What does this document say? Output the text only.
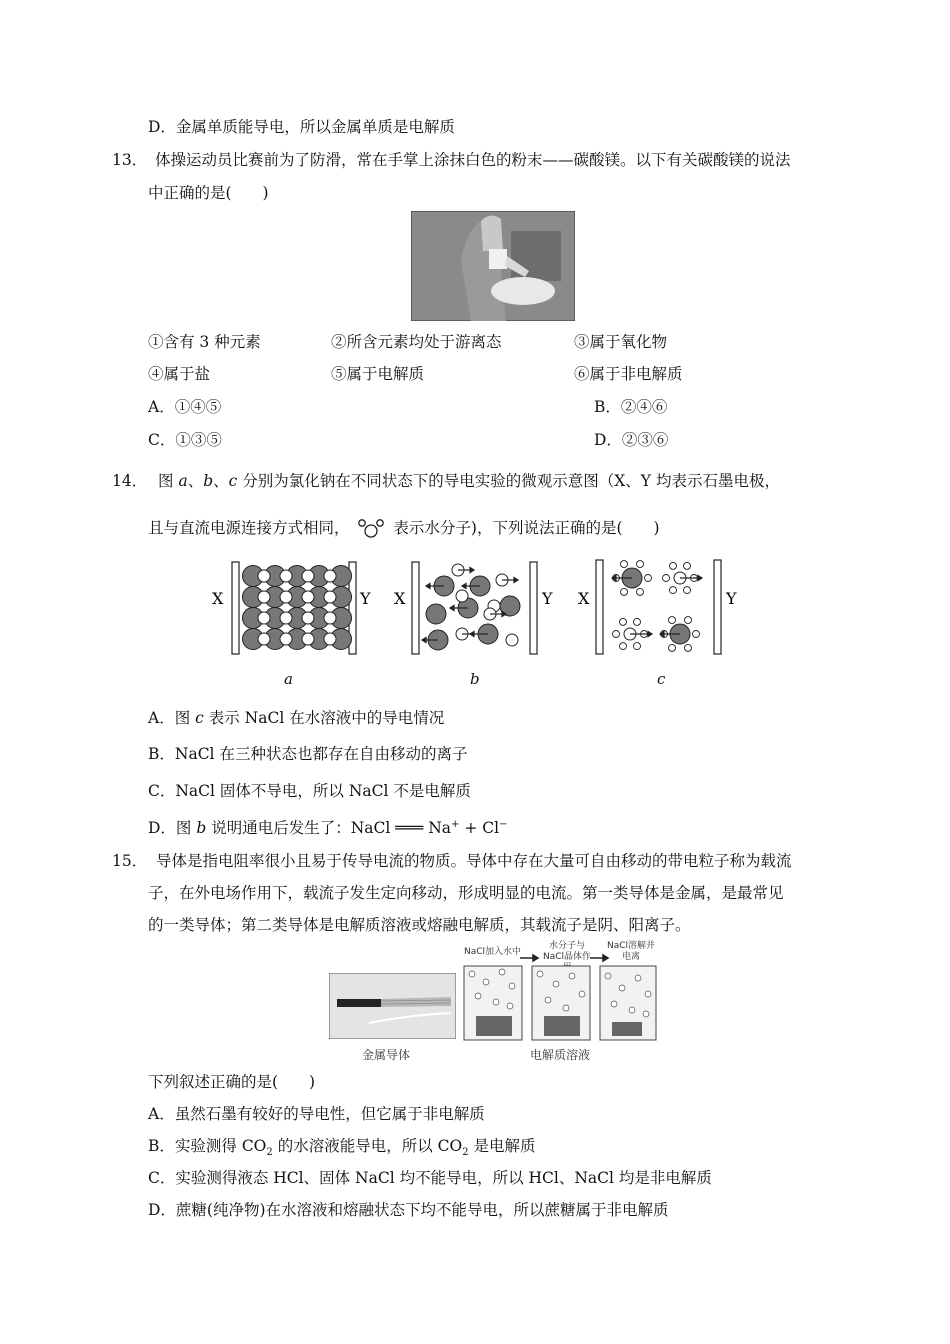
D．金属单质能导电，所以金属单质是电解质
13． 体操运动员比赛前为了防滑，常在手掌上涂抹白色的粉末——碳酸镁。以下有关碳酸镁的说法
中正确的是(　　)
①含有 3 种元素	②所含元素均处于游离态	③属于氧化物
④属于盐	⑤属于电解质	⑥属于非电解质
A．①④⑤	B．②④⑥
C．①③⑤	D．②③⑥
14． 图 a、b、c 分别为氯化钠在不同状态下的导电实验的微观示意图（X、Y 均表示石墨电极，
且与直流电源连接方式相同，	表示水分子)，下列说法正确的是(　　)
X	Y
a
X	Y
b
X	Y
c
A．图 c 表示 NaCl 在水溶液中的导电情况
B．NaCl 在三种状态也都存在自由移动的离子
C．NaCl 固体不导电，所以 NaCl 不是电解质
D．图 b 说明通电后发生了：NaCl ═══ Na+ + Cl−
15． 导体是指电阻率很小且易于传导电流的物质。导体中存在大量可自由移动的带电粒子称为载流
子，在外电场作用下，载流子发生定向移动，形成明显的电流。第一类导体是金属，是最常见
的一类导体；第二类导体是电解质溶液或熔融电解质，其载流子是阴、阳离子。
金属导体
NaCl加入水中
水分子与NaCl晶体作
NaCl溶解并电离
电解质溶液
下列叙述正确的是(　　)
A．虽然石墨有较好的导电性，但它属于非电解质
B．实验测得 $CO_2$ 的水溶液能导电，所以 $CO_2$ 是电解质
C．实验测得液态 HCl、固体 NaCl 均不能导电，所以 HCl、NaCl 均是非电解质
D．蔗糖(纯净物)在水溶液和熔融状态下均不能导电，所以蔗糖属于非电解质
